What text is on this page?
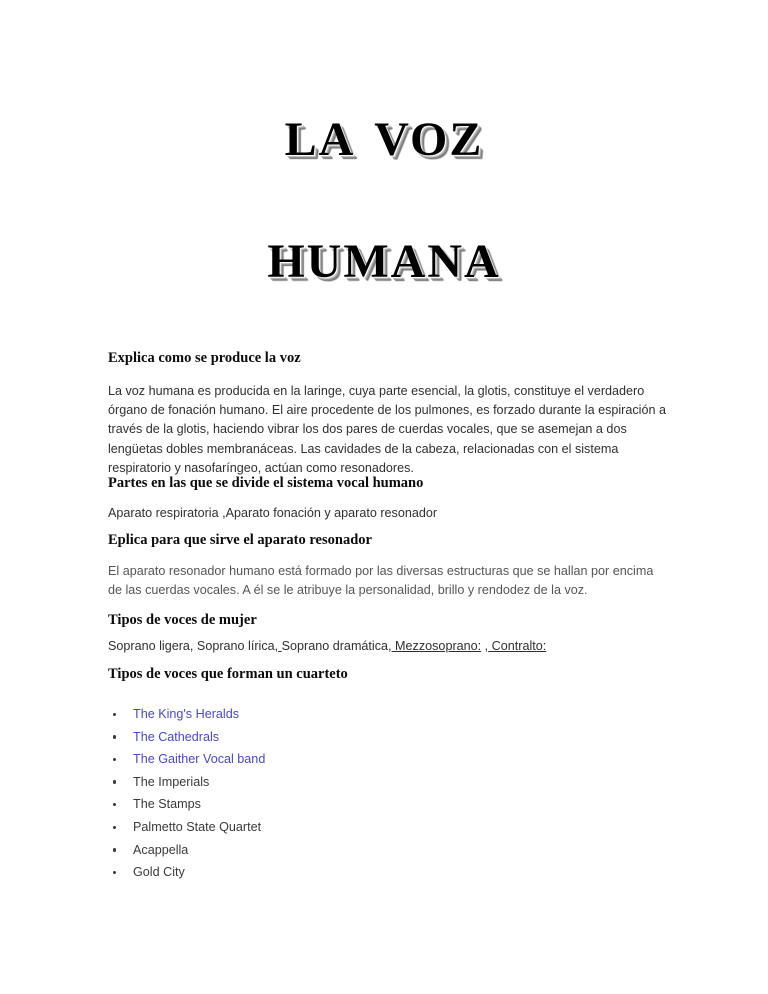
la voz
humana
Explica como se produce la voz

La voz humana es producida en la laringe, cuya parte esencial, la glotis, constituye el verdadero órgano de fonación humano. El aire procedente de los pulmones, es forzado durante la espiración a través de la glotis, haciendo vibrar los dos pares de cuerdas vocales, que se asemejan a dos lengüetas dobles membranáceas. Las cavidades de la cabeza, relacionadas con el sistema respiratorio y nasofaríngeo, actúan como resonadores.

Partes en las que se divide el sistema vocal humano

Aparato respiratoria ,Aparato fonación y aparato resonador

Eplica para que sirve el aparato resonador

El aparato resonador humano está formado por las diversas estructuras que se hallan por encima de las cuerdas vocales. A él se le atribuye la personalidad, brillo y rendodez de la voz.

Tipos de voces de mujer

Soprano ligera, Soprano lírica, Soprano dramática, Mezzosoprano: , Contralto:

Tipos de voces que forman un cuarteto
The King's Heralds
The Cathedrals
The Gaither Vocal band
The Imperials
The Stamps
Palmetto State Quartet
Acappella
Gold City
